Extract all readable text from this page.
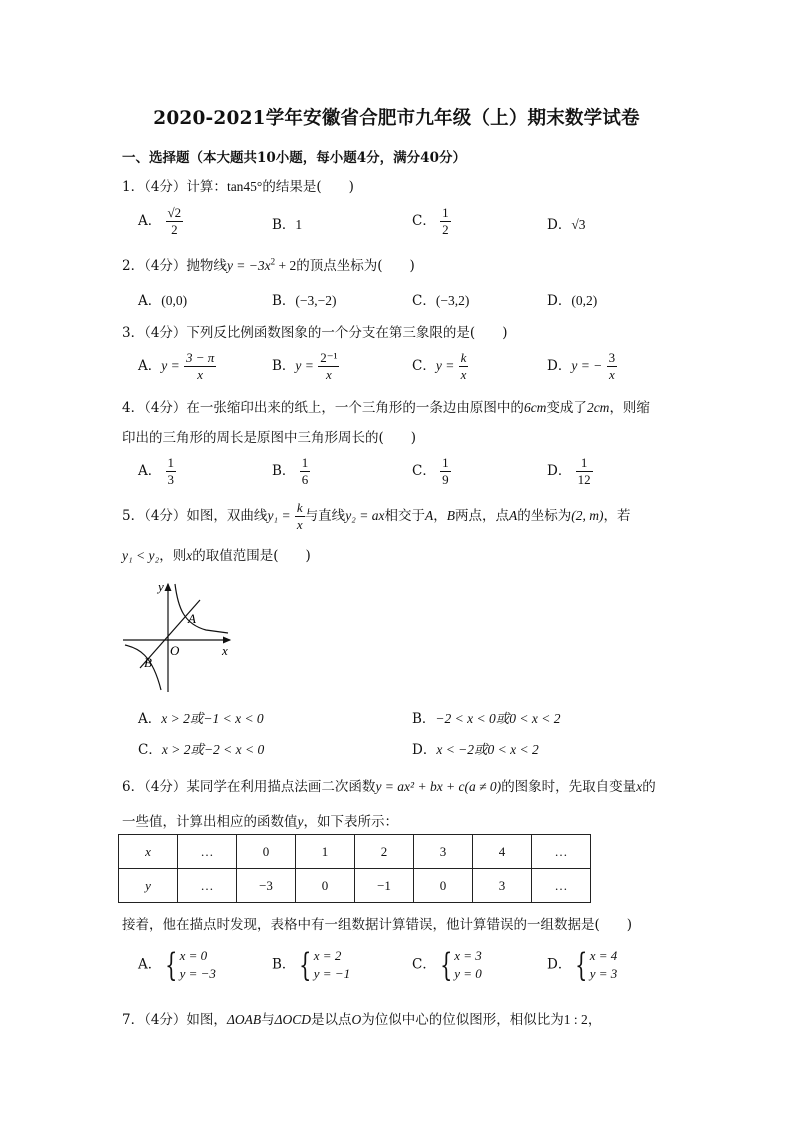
2020-2021学年安徽省合肥市九年级（上）期末数学试卷
一、选择题（本大题共10小题，每小题4分，满分40分）
1．（4分）计算：tan45°的结果是(　　)
A． $\frac{√2}{2}$	B．1	C． $\frac{1}{2}$	D．√3
2．（4分）抛物线$y = -3x^2 + 2$的顶点坐标为(　　)
A．(0,0)	B．(−3,−2)	C．(−3,2)	D．(0,2)
3．（4分）下列反比例函数图象的一个分支在第三象限的是(　　)
A．$y = \frac{3 - \pi}{x}$	B．$y = \frac{\text{2⁻¹}}{x}$	C．$y = \frac{k}{x}$	D．y = − $\frac{3}{x}$
4．（4分）在一张缩印出来的纸上，一个三角形的一条边由原图中的6cm变成了2cm，则缩
印出的三角形的周长是原图中三角形周长的(　　)
A． $\frac{1}{3}$	B． $\frac{1}{6}$	C． $\frac{1}{9}$	D． $\frac{1}{12}$
5．（4分）如图，双曲线$y_1 = \frac{k}{x}$ 与直线y₂ = ax相交于A，B两点，点A的坐标为(2, m)，若
y₁ < y₂，则x的取值范围是(　　)
y
x
O
A
B
A．x > 2或−1 < x < 0	B．−2 < x < 0或0 < x < 2
C．x > 2或−2 < x < 0	D．x < −2或0 < x < 2
6．（4分）某同学在利用描点法画二次函数y = ax² + bx + c(a ≠ 0)的图象时，先取自变量x的
一些值，计算出相应的函数值y，如下表所示：
x	…	0	1	2	3	4	…
y	…	−3	0	−1	0	3	…
接着，他在描点时发现，表格中有一组数据计算错误，他计算错误的一组数据是(　　)
A． { x = 0
y = −3
B． { x = 2
y = −1
C． { x = 3
y = 0
D． { x = 4
y = 3
7．（4分）如图，ΔOAB与ΔOCD是以点O为位似中心的位似图形，相似比为1 : 2，
